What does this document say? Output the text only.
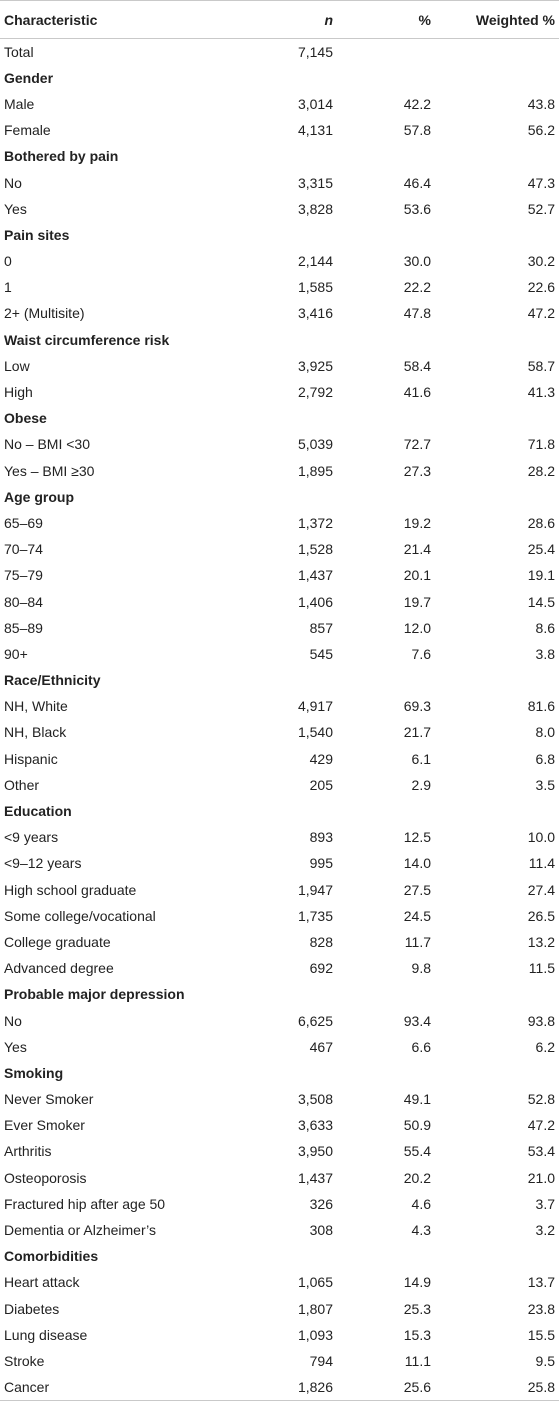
Characteristic	n	%	Weighted %
Total	7,145		
Gender			
Male	3,014	42.2	43.8
Female	4,131	57.8	56.2
Bothered by pain			
No	3,315	46.4	47.3
Yes	3,828	53.6	52.7
Pain sites			
0	2,144	30.0	30.2
1	1,585	22.2	22.6
2+ (Multisite)	3,416	47.8	47.2
Waist circumference risk			
Low	3,925	58.4	58.7
High	2,792	41.6	41.3
Obese			
No – BMI <30	5,039	72.7	71.8
Yes – BMI ≥30	1,895	27.3	28.2
Age group			
65–69	1,372	19.2	28.6
70–74	1,528	21.4	25.4
75–79	1,437	20.1	19.1
80–84	1,406	19.7	14.5
85–89	857	12.0	8.6
90+	545	7.6	3.8
Race/Ethnicity			
NH, White	4,917	69.3	81.6
NH, Black	1,540	21.7	8.0
Hispanic	429	6.1	6.8
Other	205	2.9	3.5
Education			
<9 years	893	12.5	10.0
<9–12 years	995	14.0	11.4
High school graduate	1,947	27.5	27.4
Some college/vocational	1,735	24.5	26.5
College graduate	828	11.7	13.2
Advanced degree	692	9.8	11.5
Probable major depression			
No	6,625	93.4	93.8
Yes	467	6.6	6.2
Smoking			
Never Smoker	3,508	49.1	52.8
Ever Smoker	3,633	50.9	47.2
Arthritis	3,950	55.4	53.4
Osteoporosis	1,437	20.2	21.0
Fractured hip after age 50	326	4.6	3.7
Dementia or Alzheimer’s	308	4.3	3.2
Comorbidities			
Heart attack	1,065	14.9	13.7
Diabetes	1,807	25.3	23.8
Lung disease	1,093	15.3	15.5
Stroke	794	11.1	9.5
Cancer	1,826	25.6	25.8
